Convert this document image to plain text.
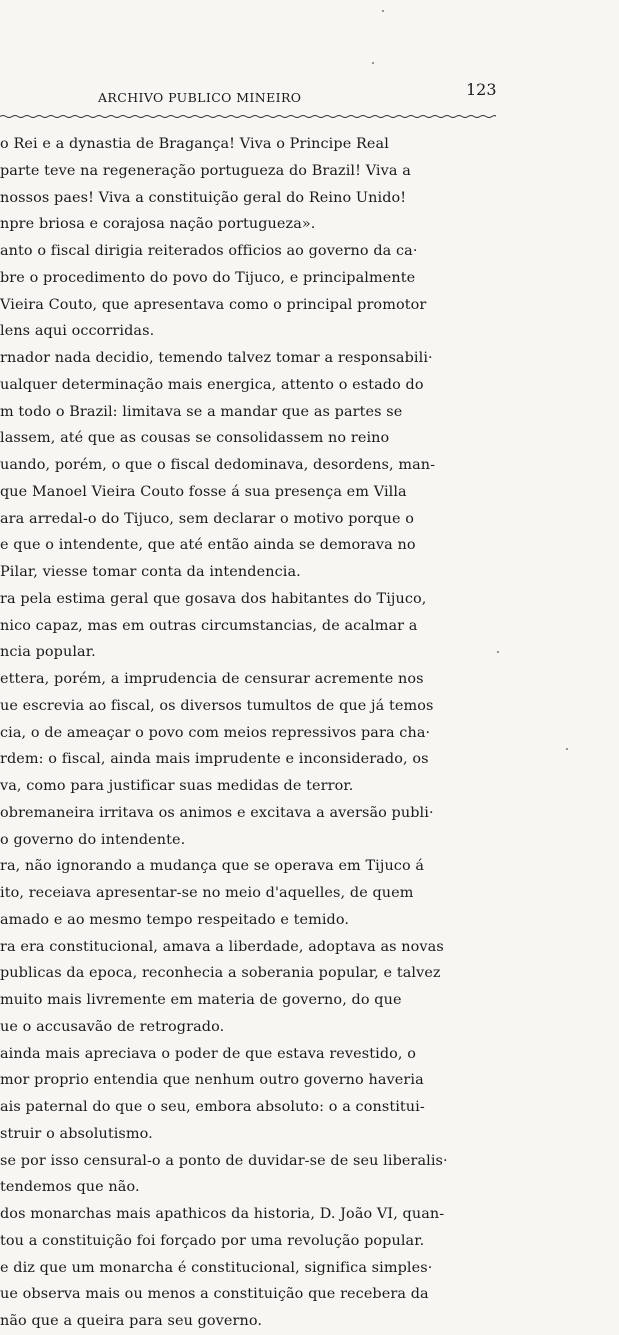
ARCHIVO PUBLICO MINEIRO	123
o Rei e a dynastia de Bragança! Viva o Principe Real
parte teve na regeneração portugueza do Brazil! Viva a
nossos paes! Viva a constituição geral do Reino Unido!
npre briosa e corajosa nação portugueza».
anto o fiscal dirigia reiterados officios ao governo da ca·
bre o procedimento do povo do Tijuco, e principalmente
Vieira Couto, que apresentava como o principal promotor
lens aqui occorridas.
rnador nada decidio, temendo talvez tomar a responsabili·
ualquer determinação mais energica, attento o estado do
m todo o Brazil: limitava se a mandar que as partes se
lassem, até que as cousas se consolidassem no reino
uando, porém, o que o fiscal dedominava, desordens, man-
que Manoel Vieira Couto fosse á sua presença em Villa
ara arredal-o do Tijuco, sem declarar o motivo porque o
e que o intendente, que até então ainda se demorava no
Pilar, viesse tomar conta da intendencia.
ra pela estima geral que gosava dos habitantes do Tijuco,
nico capaz, mas em outras circumstancias, de acalmar a
ncia popular.
ettera, porém, a imprudencia de censurar acremente nos
ue escrevia ao fiscal, os diversos tumultos de que já temos
cia, o de ameaçar o povo com meios repressivos para cha·
rdem: o fiscal, ainda mais imprudente e inconsiderado, os
va, como para justificar suas medidas de terror.
obremaneira irritava os animos e excitava a aversão publi·
o governo do intendente.
ra, não ignorando a mudança que se operava em Tijuco á
ito, receiava apresentar-se no meio d'aquelles, de quem
amado e ao mesmo tempo respeitado e temido.
ra era constitucional, amava a liberdade, adoptava as novas
publicas da epoca, reconhecia a soberania popular, e talvez
muito mais livremente em materia de governo, do que
ue o accusavão de retrogrado.
ainda mais apreciava o poder de que estava revestido, o
mor proprio entendia que nenhum outro governo haveria
ais paternal do que o seu, embora absoluto: o a constitui-
struir o absolutismo.
se por isso censural-o a ponto de duvidar-se de seu liberalis·
tendemos que não.
dos monarchas mais apathicos da historia, D. João VI, quan-
tou a constituição foi forçado por uma revolução popular.
e diz que um monarcha é constitucional, significa simples·
ue observa mais ou menos a constituição que recebera da
não que a queira para seu governo.
